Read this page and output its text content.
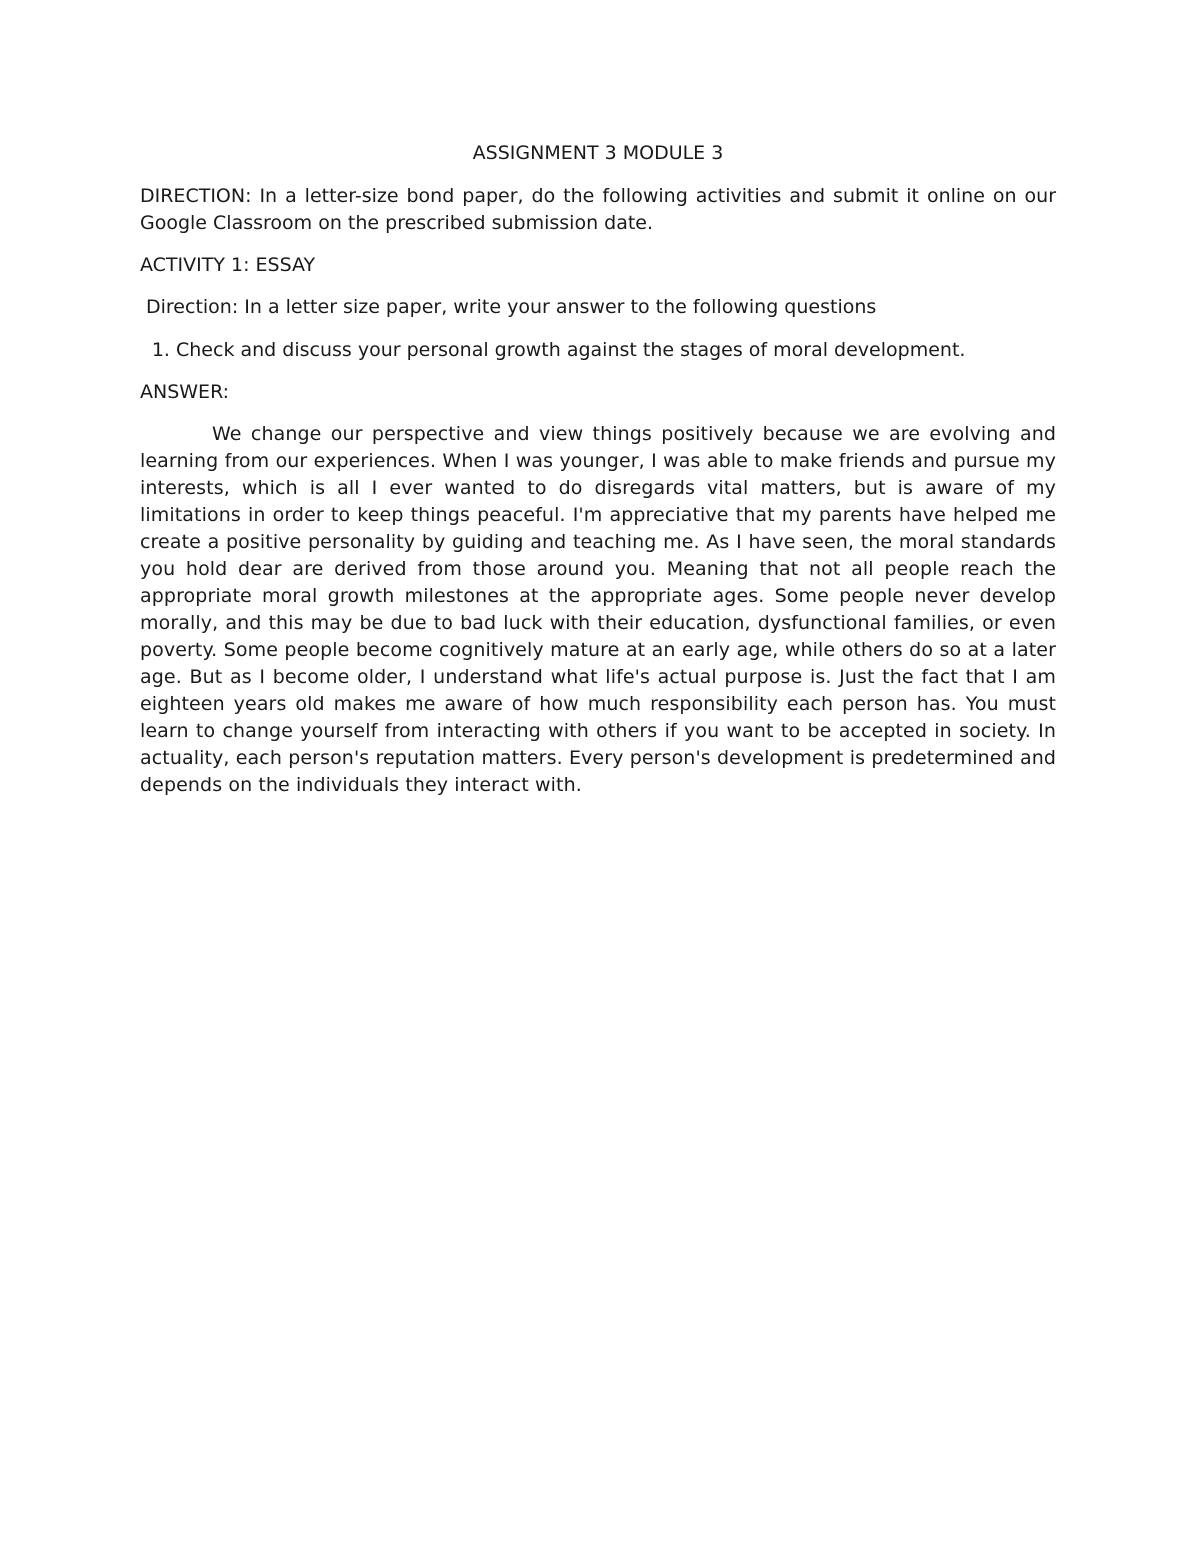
ASSIGNMENT 3 MODULE 3

DIRECTION: In a letter-size bond paper, do the following activities and submit it online on our Google Classroom on the prescribed submission date.

ACTIVITY 1: ESSAY

Direction: In a letter size paper, write your answer to the following questions

1. Check and discuss your personal growth against the stages of moral development.

ANSWER:

We change our perspective and view things positively because we are evolving and learning from our experiences. When I was younger, I was able to make friends and pursue my interests, which is all I ever wanted to do disregards vital matters, but is aware of my limitations in order to keep things peaceful. I'm appreciative that my parents have helped me create a positive personality by guiding and teaching me. As I have seen, the moral standards you hold dear are derived from those around you. Meaning that not all people reach the appropriate moral growth milestones at the appropriate ages. Some people never develop morally, and this may be due to bad luck with their education, dysfunctional families, or even poverty. Some people become cognitively mature at an early age, while others do so at a later age. But as I become older, I understand what life's actual purpose is. Just the fact that I am eighteen years old makes me aware of how much responsibility each person has. You must learn to change yourself from interacting with others if you want to be accepted in society. In actuality, each person's reputation matters. Every person's development is predetermined and depends on the individuals they interact with.
